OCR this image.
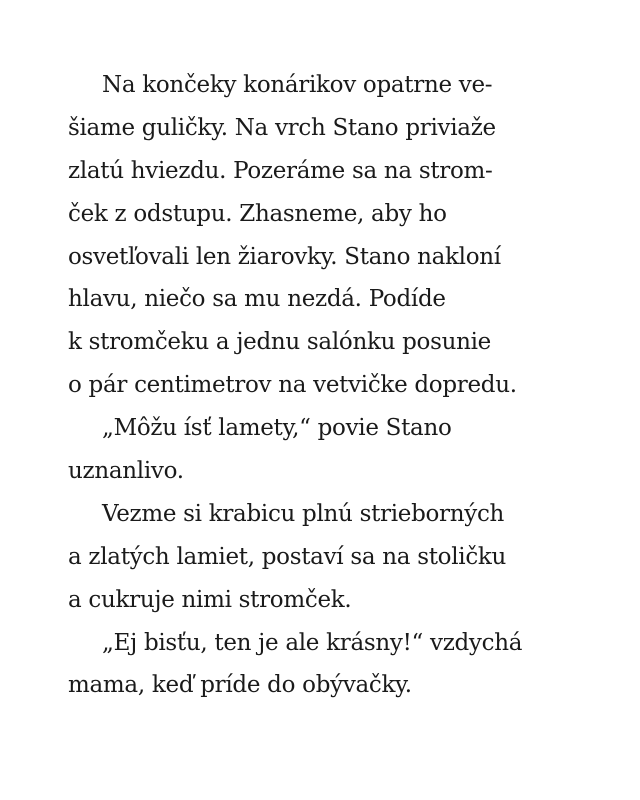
Na končeky konárikov opatrne ve-
šiame guličky. Na vrch Stano priviaže
zlatú hviezdu. Pozeráme sa na strom-
ček z odstupu. Zhasneme, aby ho
osvetľovali len žiarovky. Stano nakloní
hlavu, niečo sa mu nezdá. Podíde
k stromčeku a jednu salónku posunie
o pár centimetrov na vetvičke dopredu.
„Môžu ísť lamety,“ povie Stano
uznanlivo.
Vezme si krabicu plnú strieborných
a zlatých lamiet, postaví sa na stoličku
a cukruje nimi stromček.
„Ej bisťu, ten je ale krásny!“ vzdychá
mama, keď príde do obývačky.
